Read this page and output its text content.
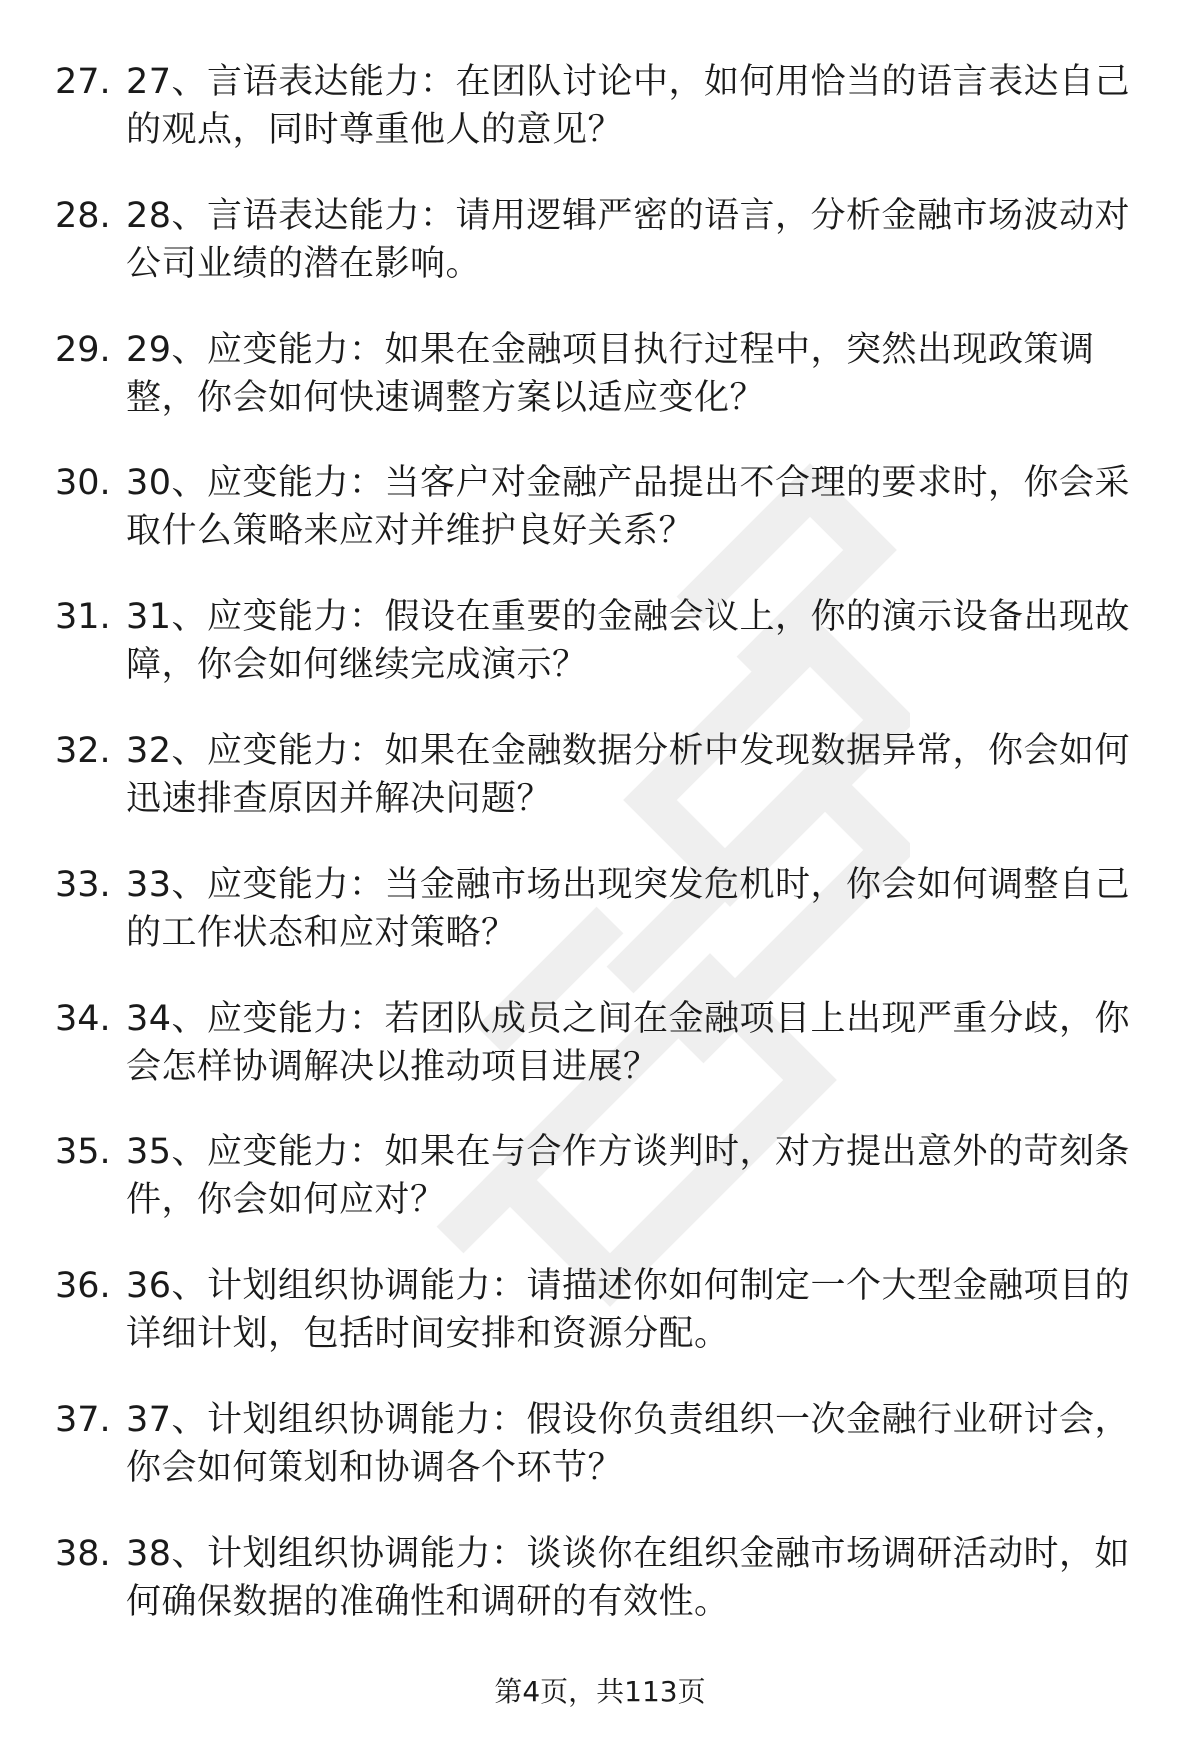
27. 27、言语表达能力：在团队讨论中，如何用恰当的语言表达自己的观点，同时尊重他人的意见？
28. 28、言语表达能力：请用逻辑严密的语言，分析金融市场波动对公司业绩的潜在影响。
29. 29、应变能力：如果在金融项目执行过程中，突然出现政策调整，你会如何快速调整方案以适应变化？
30. 30、应变能力：当客户对金融产品提出不合理的要求时，你会采取什么策略来应对并维护良好关系？
31. 31、应变能力：假设在重要的金融会议上，你的演示设备出现故障，你会如何继续完成演示？
32. 32、应变能力：如果在金融数据分析中发现数据异常，你会如何迅速排查原因并解决问题？
33. 33、应变能力：当金融市场出现突发危机时，你会如何调整自己的工作状态和应对策略？
34. 34、应变能力：若团队成员之间在金融项目上出现严重分歧，你会怎样协调解决以推动项目进展？
35. 35、应变能力：如果在与合作方谈判时，对方提出意外的苛刻条件，你会如何应对？
36. 36、计划组织协调能力：请描述你如何制定一个大型金融项目的详细计划，包括时间安排和资源分配。
37. 37、计划组织协调能力：假设你负责组织一次金融行业研讨会，你会如何策划和协调各个环节？
38. 38、计划组织协调能力：谈谈你在组织金融市场调研活动时，如何确保数据的准确性和调研的有效性。
第4页，共113页
